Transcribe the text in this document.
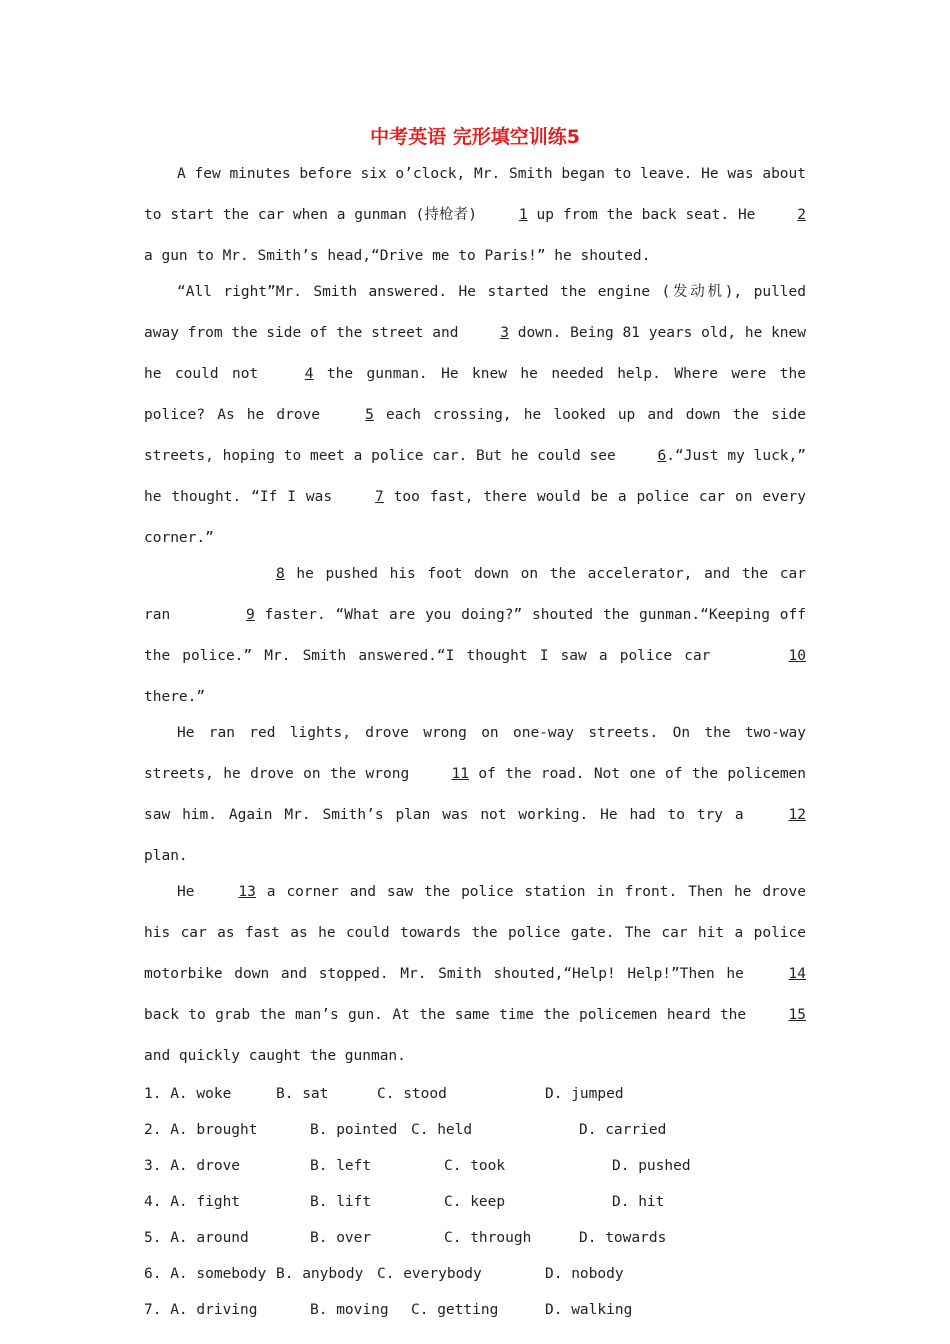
中考英语 完形填空训练5

A few minutes before six o’clock, Mr. Smith began to leave. He was about to start the car when a gunman (持枪者) 1 up from the back seat. He 2 a gun to Mr. Smith’s head,“Drive me to Paris!” he shouted.

“All right”Mr. Smith answered. He started the engine (发动机), pulled away from the side of the street and 3 down. Being 81 years old, he knew he could not 4 the gunman. He knew he needed help. Where were the police? As he drove 5 each crossing, he looked up and down the side streets, hoping to meet a police car. But he could see 6.“Just my luck,” he thought. “If I was 7 too fast, there would be a police car on every corner.”

8 he pushed his foot down on the accelerator, and the car ran	9 faster. “What are you doing?” shouted the gunman.“Keeping off the police.” Mr. Smith answered.“I thought I saw a police car	10 there.”

He ran red lights, drove wrong on one-way streets. On the two-way streets, he drove on the wrong 11 of the road. Not one of the policemen saw him. Again Mr. Smith’s plan was not working. He had to try a 12 plan.

He 13 a corner and saw the police station in front. Then he drove his car as fast as he could towards the police gate. The car hit a police motorbike down and stopped. Mr. Smith shouted,“Help! Help!”Then he 14 back to grab the man’s gun. At the same time the policemen heard the 15 and quickly caught the gunman.

1. A. woke	B. sat	C. stood	D. jumped
2. A. brought	B. pointed C. held	D. carried
3. A. drove	B. left	C. took	D. pushed
4. A. fight	B. lift	C. keep	D. hit
5. A. around	B. over	C. through	D. towards
6. A. somebody B. anybody C. everybody	D. nobody
7. A. driving	B. moving C. getting	D. walking
